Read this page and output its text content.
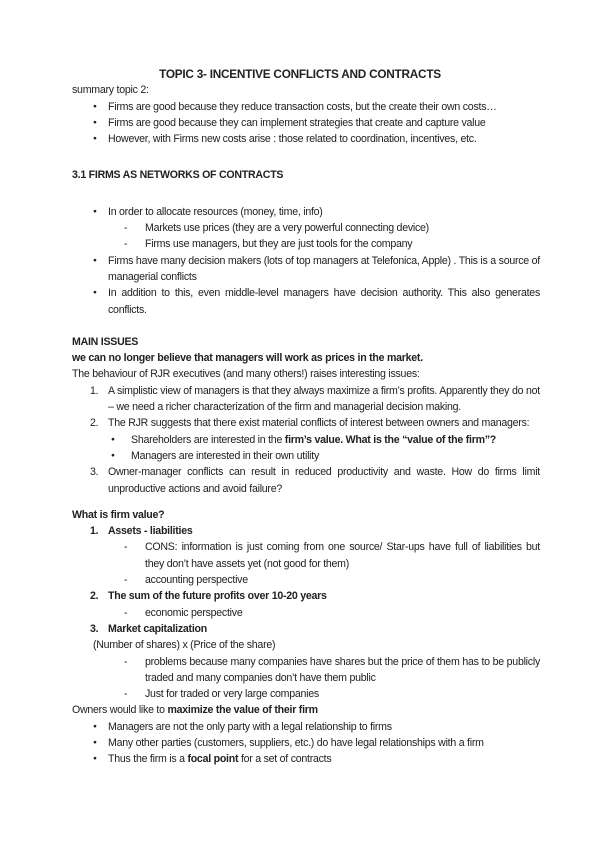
TOPIC 3- INCENTIVE CONFLICTS AND CONTRACTS
summary topic 2:
●	Firms are good because they reduce transaction costs, but the create their own costs…
●	Firms are good because they can implement strategies that create and capture value
●	However, with Firms new costs arise : those related to coordination, incentives, etc.
3.1 FIRMS AS NETWORKS OF CONTRACTS
●	In order to allocate resources (money, time, info)
-	Markets use prices (they are a very powerful connecting device)
-	Firms use managers, but they are just tools for the company
●	Firms have many decision makers (lots of top managers at Telefonica, Apple) . This is a source of managerial conflicts
●	In addition to this, even middle-level managers have decision authority. This also generates conflicts.
MAIN ISSUES
we can no longer believe that managers will work as prices in the market.
The behaviour of RJR executives (and many others!) raises interesting issues:
1. A simplistic view of managers is that they always maximize a firm’s profits. Apparently they do not – we need a richer characterization of the firm and managerial decision making.
2. The RJR suggests that there exist material conflicts of interest between owners and managers:
●	Shareholders are interested in the firm’s value. What is the “value of the firm”?
●	Managers are interested in their own utility
3. Owner-manager conflicts can result in reduced productivity and waste. How do firms limit unproductive actions and avoid failure?
What is firm value?
1. Assets - liabilities
-	CONS: information is just coming from one source/ Star-ups have full of liabilities but they don’t have assets yet (not good for them)
-	accounting perspective
2. The sum of the future profits over 10-20 years
-	economic perspective
3. Market capitalization
(Number of shares) x (Price of the share)
-	problems because many companies have shares but the price of them has to be publicly traded and many companies don’t have them public
-	Just for traded or very large companies
Owners would like to maximize the value of their firm
●	Managers are not the only party with a legal relationship to firms
●	Many other parties (customers, suppliers, etc.) do have legal relationships with a firm
●	Thus the firm is a focal point for a set of contracts
